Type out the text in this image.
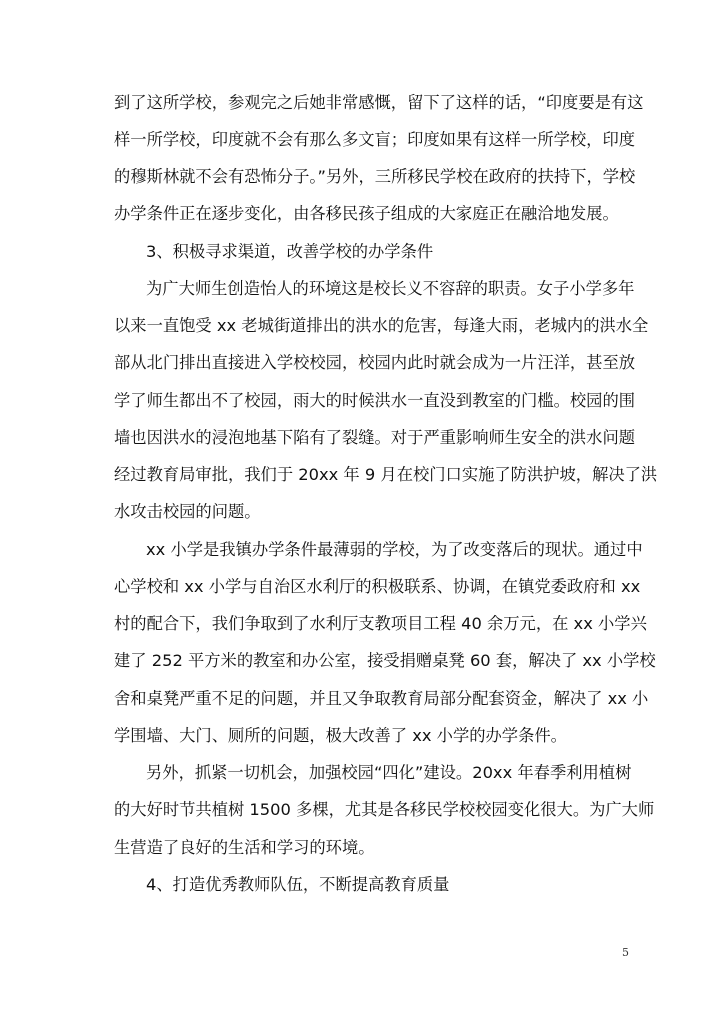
到了这所学校，参观完之后她非常感慨，留下了这样的话，“印度要是有这
样一所学校，印度就不会有那么多文盲；印度如果有这样一所学校，印度
的穆斯林就不会有恐怖分子。”另外，三所移民学校在政府的扶持下，学校
办学条件正在逐步变化，由各移民孩子组成的大家庭正在融洽地发展。
3、积极寻求渠道，改善学校的办学条件
为广大师生创造怡人的环境这是校长义不容辞的职责。女子小学多年
以来一直饱受 xx 老城街道排出的洪水的危害，每逢大雨，老城内的洪水全
部从北门排出直接进入学校校园，校园内此时就会成为一片汪洋，甚至放
学了师生都出不了校园，雨大的时候洪水一直没到教室的门槛。校园的围
墙也因洪水的浸泡地基下陷有了裂缝。对于严重影响师生安全的洪水问题
经过教育局审批，我们于 20xx 年 9 月在校门口实施了防洪护坡，解决了洪
水攻击校园的问题。
xx 小学是我镇办学条件最薄弱的学校，为了改变落后的现状。通过中
心学校和 xx 小学与自治区水利厅的积极联系、协调，在镇党委政府和 xx
村的配合下，我们争取到了水利厅支教项目工程 40 余万元，在 xx 小学兴
建了 252 平方米的教室和办公室，接受捐赠桌凳 60 套，解决了 xx 小学校
舍和桌凳严重不足的问题，并且又争取教育局部分配套资金，解决了 xx 小
学围墙、大门、厕所的问题，极大改善了 xx 小学的办学条件。
另外，抓紧一切机会，加强校园“四化”建设。20xx 年春季利用植树
的大好时节共植树 1500 多棵，尤其是各移民学校校园变化很大。为广大师
生营造了良好的生活和学习的环境。
4、打造优秀教师队伍，不断提高教育质量
5
